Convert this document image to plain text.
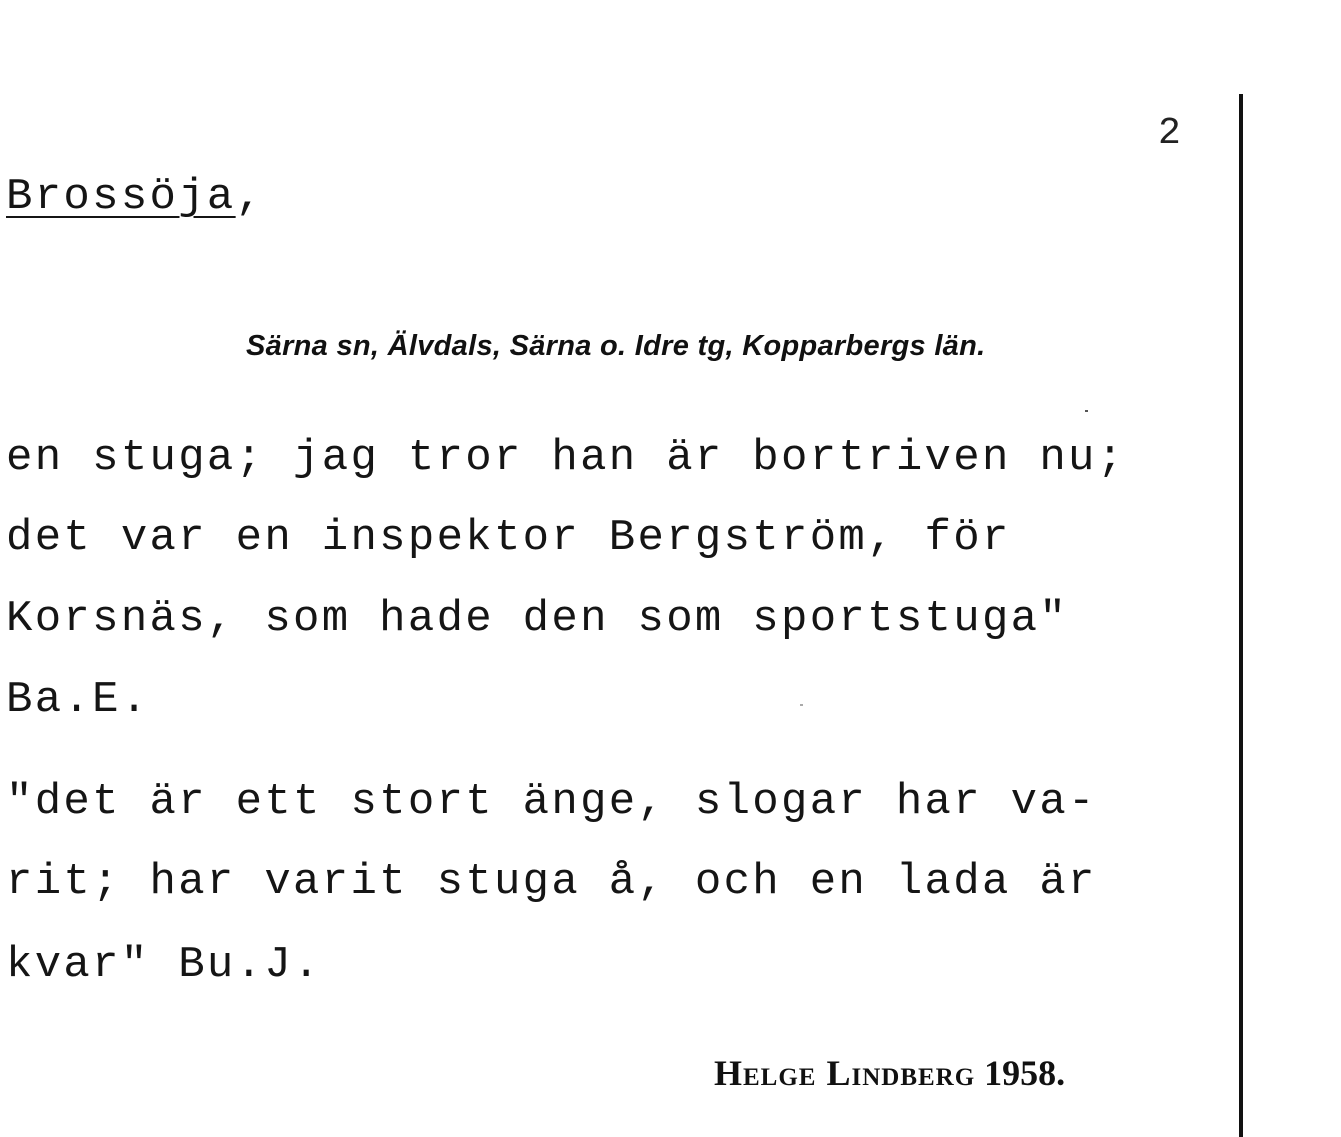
2
Brossöja,
Särna sn, Älvdals, Särna o. Idre tg, Kopparbergs län.
en stuga; jag tror han är bortriven nu;
det var en inspektor Bergström, för
Korsnäs, som hade den som sportstuga"
Ba.E.
"det är ett stort änge, slogar har va-
rit; har varit stuga å, och en lada är
kvar" Bu.J.
Helge Lindberg 1958.
